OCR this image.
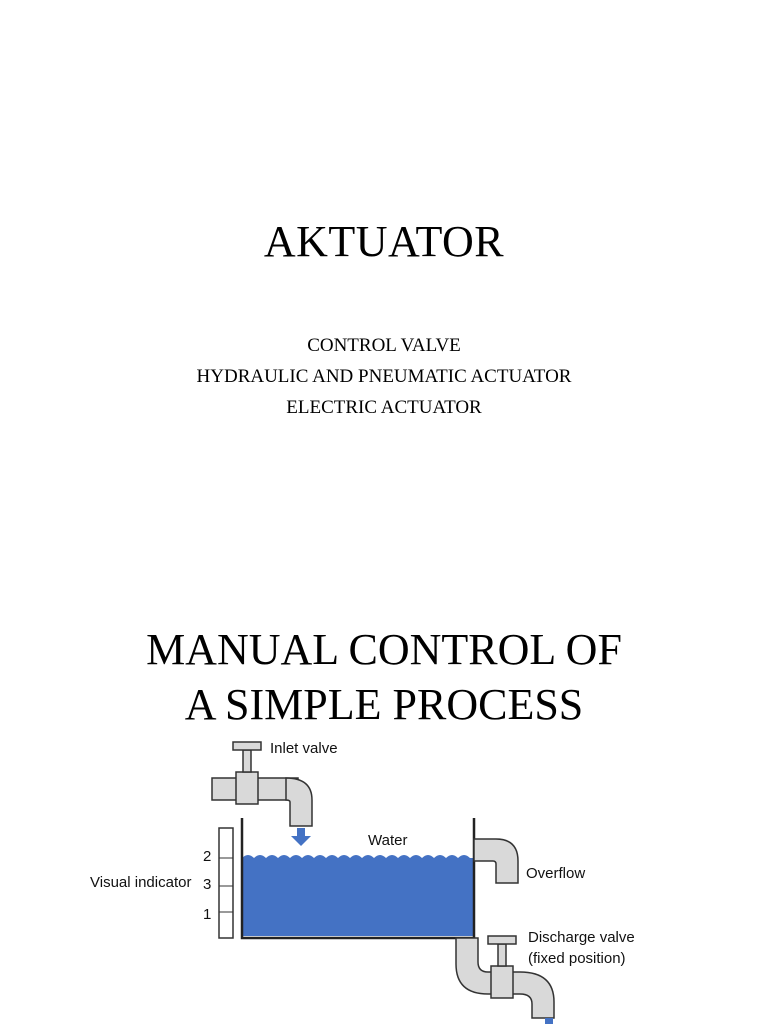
AKTUATOR
CONTROL VALVE
HYDRAULIC AND PNEUMATIC ACTUATOR
ELECTRIC ACTUATOR
MANUAL CONTROL OF
A SIMPLE PROCESS
Inlet valve
Water
Overflow
2
3
1
Visual indicator
Discharge valve
(fixed position)
